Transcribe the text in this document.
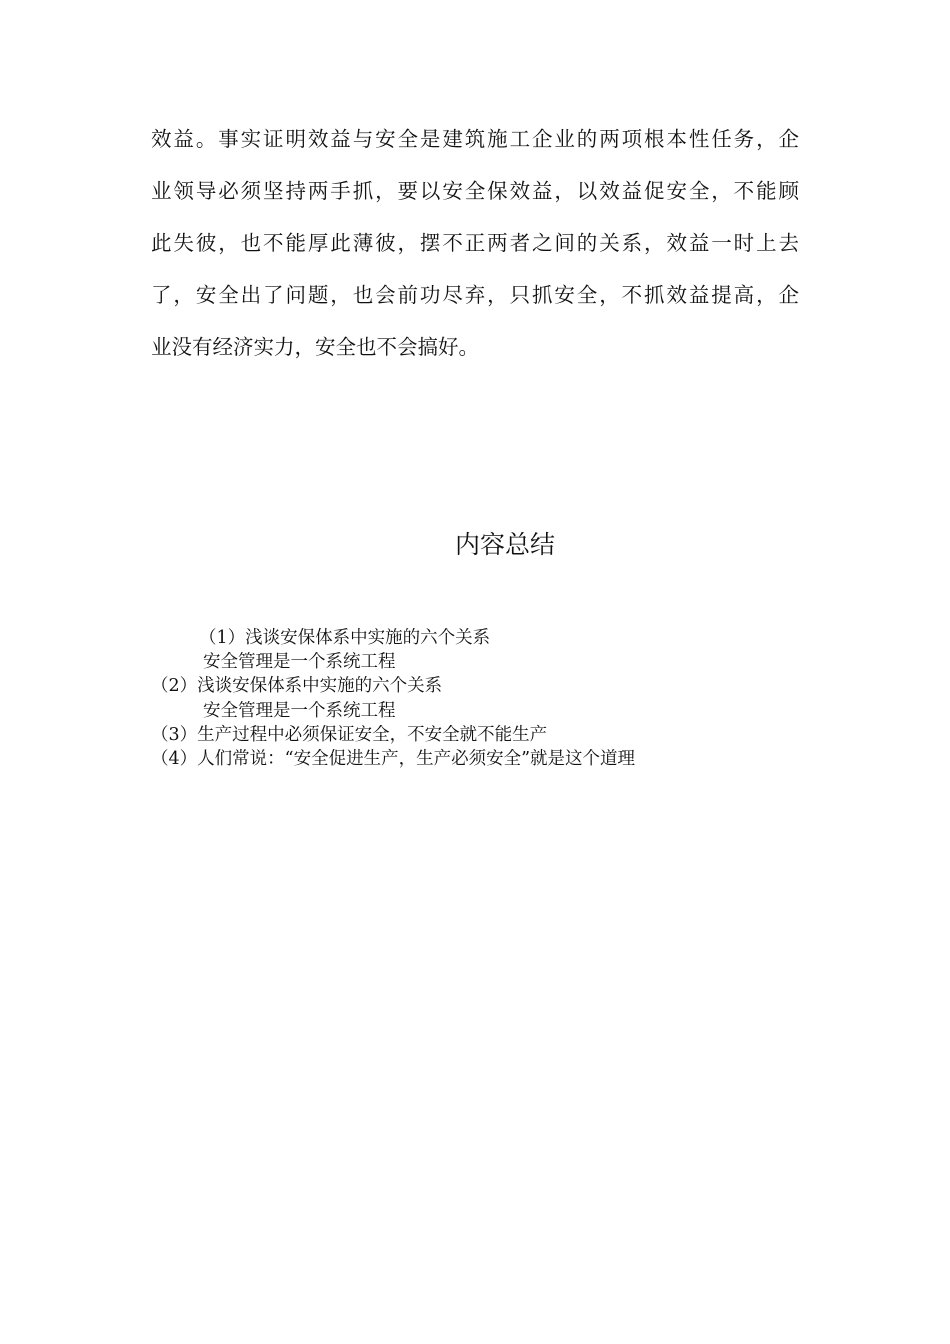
效益。事实证明效益与安全是建筑施工企业的两项根本性任务，企
业领导必须坚持两手抓，要以安全保效益，以效益促安全，不能顾
此失彼，也不能厚此薄彼，摆不正两者之间的关系，效益一时上去
了，安全出了问题，也会前功尽弃，只抓安全，不抓效益提高，企
业没有经济实力，安全也不会搞好。
内容总结
（1）浅谈安保体系中实施的六个关系
安全管理是一个系统工程
（2）浅谈安保体系中实施的六个关系
安全管理是一个系统工程
（3）生产过程中必须保证安全，不安全就不能生产
（4）人们常说：“安全促进生产，生产必须安全”就是这个道理
